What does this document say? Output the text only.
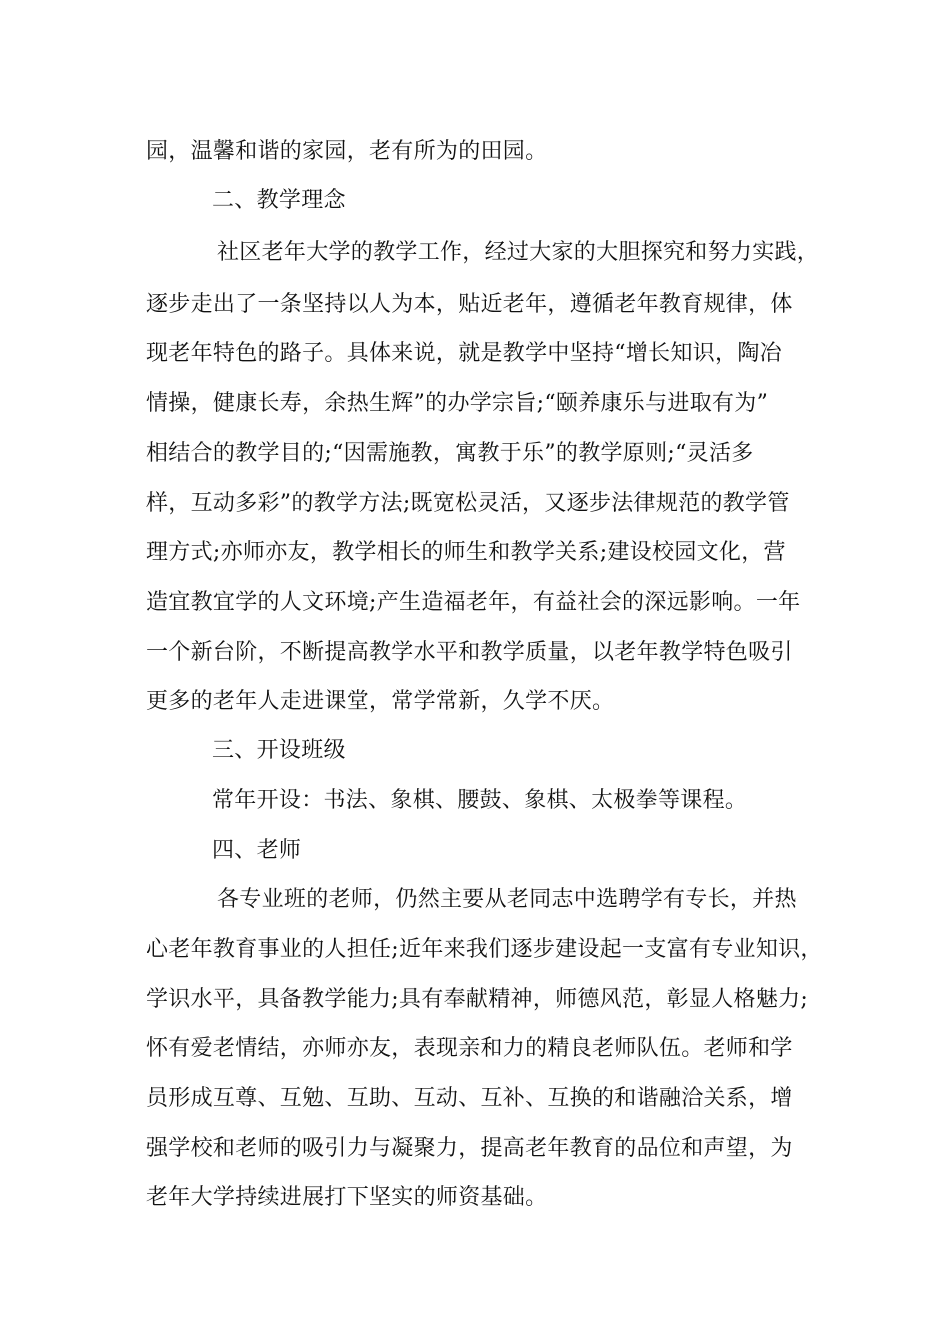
园，温馨和谐的家园，老有所为的田园。

二、教学理念

社区老年大学的教学工作，经过大家的大胆探究和努力实践，

逐步走出了一条坚持以人为本，贴近老年，遵循老年教育规律，体

现老年特色的路子。具体来说，就是教学中坚持“增长知识，陶冶

情操，健康长寿，余热生辉”的办学宗旨;“颐养康乐与进取有为”

相结合的教学目的;“因需施教，寓教于乐”的教学原则;“灵活多

样，互动多彩”的教学方法;既宽松灵活，又逐步法律规范的教学管

理方式;亦师亦友，教学相长的师生和教学关系;建设校园文化，营

造宜教宜学的人文环境;产生造福老年，有益社会的深远影响。一年

一个新台阶，不断提高教学水平和教学质量，以老年教学特色吸引

更多的老年人走进课堂，常学常新，久学不厌。

三、开设班级

常年开设：书法、象棋、腰鼓、象棋、太极拳等课程。

四、老师

各专业班的老师，仍然主要从老同志中选聘学有专长，并热

心老年教育事业的人担任;近年来我们逐步建设起一支富有专业知识，

学识水平，具备教学能力;具有奉献精神，师德风范，彰显人格魅力;

怀有爱老情结，亦师亦友，表现亲和力的精良老师队伍。老师和学

员形成互尊、互勉、互助、互动、互补、互换的和谐融洽关系，增

强学校和老师的吸引力与凝聚力，提高老年教育的品位和声望，为

老年大学持续进展打下坚实的师资基础。
